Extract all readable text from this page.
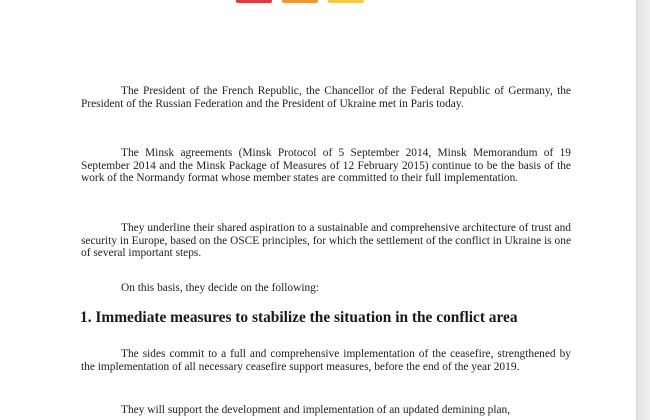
The President of the French Republic, the Chancellor of the Federal Republic of Germany, the President of the Russian Federation and the President of Ukraine met in Paris today.

The Minsk agreements (Minsk Protocol of 5 September 2014, Minsk Memorandum of 19 September 2014 and the Minsk Package of Measures of 12 February 2015) continue to be the basis of the work of the Normandy format whose member states are committed to their full implementation.

They underline their shared aspiration to a sustainable and comprehensive architecture of trust and security in Europe, based on the OSCE principles, for which the settlement of the conflict in Ukraine is one of several important steps.

On this basis, they decide on the following:

1. Immediate measures to stabilize the situation in the conflict area

The sides commit to a full and comprehensive implementation of the ceasefire, strengthened by the implementation of all necessary ceasefire support measures, before the end of the year 2019.

They will support the development and implementation of an updated demining plan,
